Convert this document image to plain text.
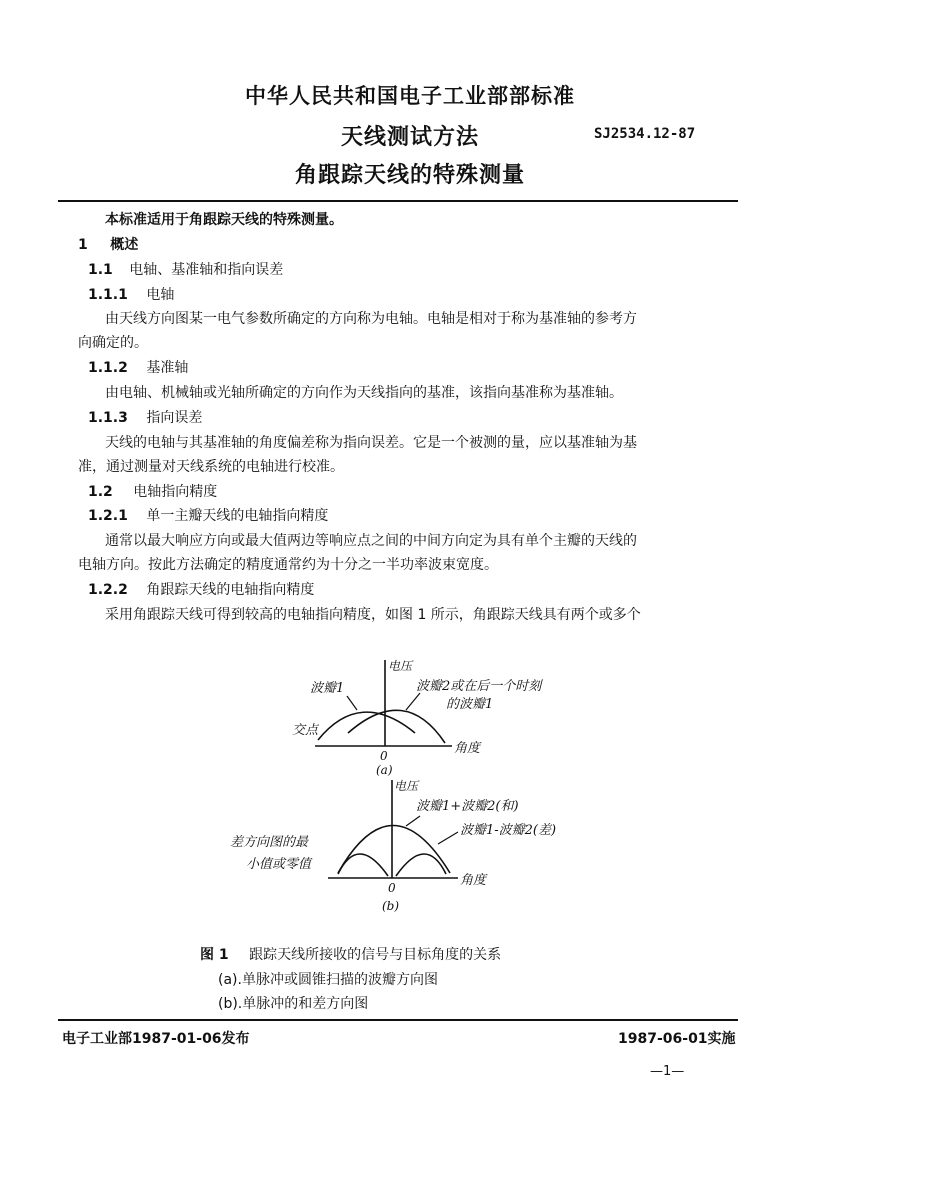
中华人民共和国电子工业部部标准
天线测试方法	SJ2534.12-87
角跟踪天线的特殊测量
本标准适用于角跟踪天线的特殊测量。
1 概述
1.1 电轴、基准轴和指向误差
1.1.1 电轴
由天线方向图某一电气参数所确定的方向称为电轴。电轴是相对于称为基准轴的参考方
向确定的。
1.1.2 基准轴
由电轴、机械轴或光轴所确定的方向作为天线指向的基准，该指向基准称为基准轴。
1.1.3 指向误差
天线的电轴与其基准轴的角度偏差称为指向误差。它是一个被测的量，应以基准轴为基
准，通过测量对天线系统的电轴进行校准。
1.2 电轴指向精度
1.2.1 单一主瓣天线的电轴指向精度
通常以最大响应方向或最大值两边等响应点之间的中间方向定为具有单个主瓣的天线的
电轴方向。按此方法确定的精度通常约为十分之一半功率波束宽度。
1.2.2 角跟踪天线的电轴指向精度
采用角跟踪天线可得到较高的电轴指向精度，如图 1 所示，角跟踪天线具有两个或多个
电压
波瓣1	波瓣2或在后一个时刻
的波瓣1
交点
0	角度
(a)
电压
波瓣1+波瓣2(和)
波瓣1-波瓣2(差)
差方向图的最
小值或零值
0	角度
(b)
图 1 跟踪天线所接收的信号与目标角度的关系
(a).单脉冲或圆锥扫描的波瓣方向图
(b).单脉冲的和差方向图
电子工业部1987-01-06发布	1987-06-01实施
—1—
